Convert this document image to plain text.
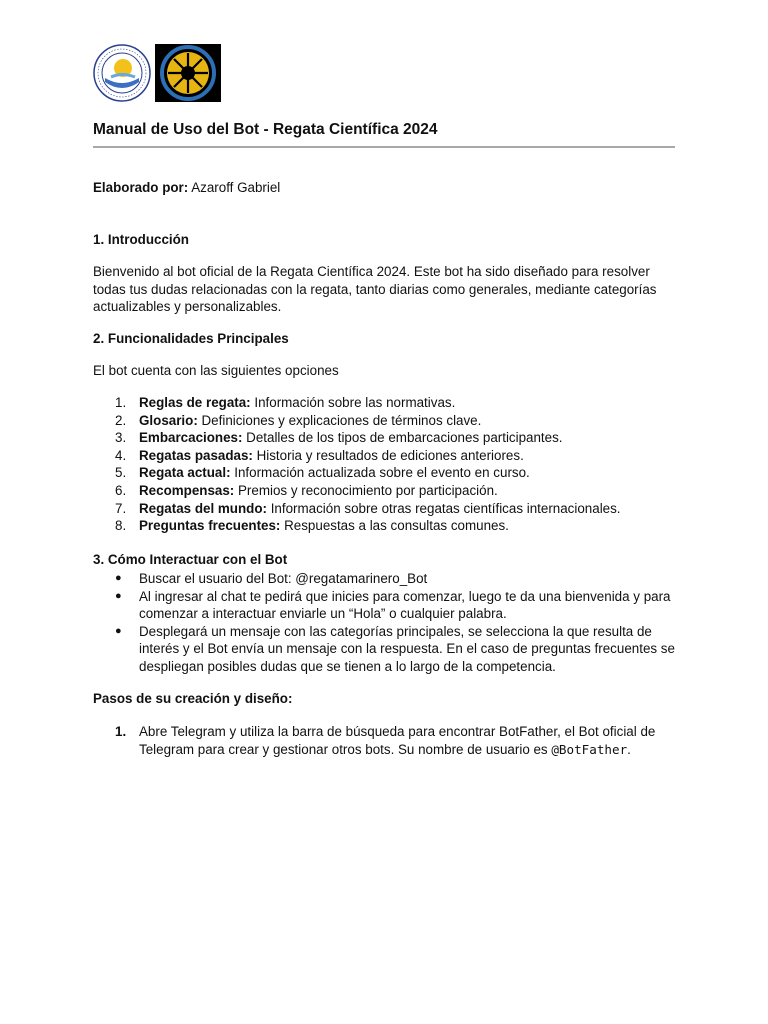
Manual de Uso del Bot - Regata Científica 2024

Elaborado por: Azaroff Gabriel

1. Introducción

Bienvenido al bot oficial de la Regata Científica 2024. Este bot ha sido diseñado para resolver todas tus dudas relacionadas con la regata, tanto diarias como generales, mediante categorías actualizables y personalizables.

2. Funcionalidades Principales

El bot cuenta con las siguientes opciones

1. Reglas de regata: Información sobre las normativas.
2. Glosario: Definiciones y explicaciones de términos clave.
3. Embarcaciones: Detalles de los tipos de embarcaciones participantes.
4. Regatas pasadas: Historia y resultados de ediciones anteriores.
5. Regata actual: Información actualizada sobre el evento en curso.
6. Recompensas: Premios y reconocimiento por participación.
7. Regatas del mundo: Información sobre otras regatas científicas internacionales.
8. Preguntas frecuentes: Respuestas a las consultas comunes.

3. Cómo Interactuar con el Bot

● Buscar el usuario del Bot: @regatamarinero_Bot
● Al ingresar al chat te pedirá que inicies para comenzar, luego te da una bienvenida y para comenzar a interactuar enviarle un “Hola” o cualquier palabra.
● Desplegará un mensaje con las categorías principales, se selecciona la que resulta de interés y el Bot envía un mensaje con la respuesta. En el caso de preguntas frecuentes se despliegan posibles dudas que se tienen a lo largo de la competencia.

Pasos de su creación y diseño:

1. Abre Telegram y utiliza la barra de búsqueda para encontrar BotFather, el Bot oficial de Telegram para crear y gestionar otros bots. Su nombre de usuario es @BotFather.
